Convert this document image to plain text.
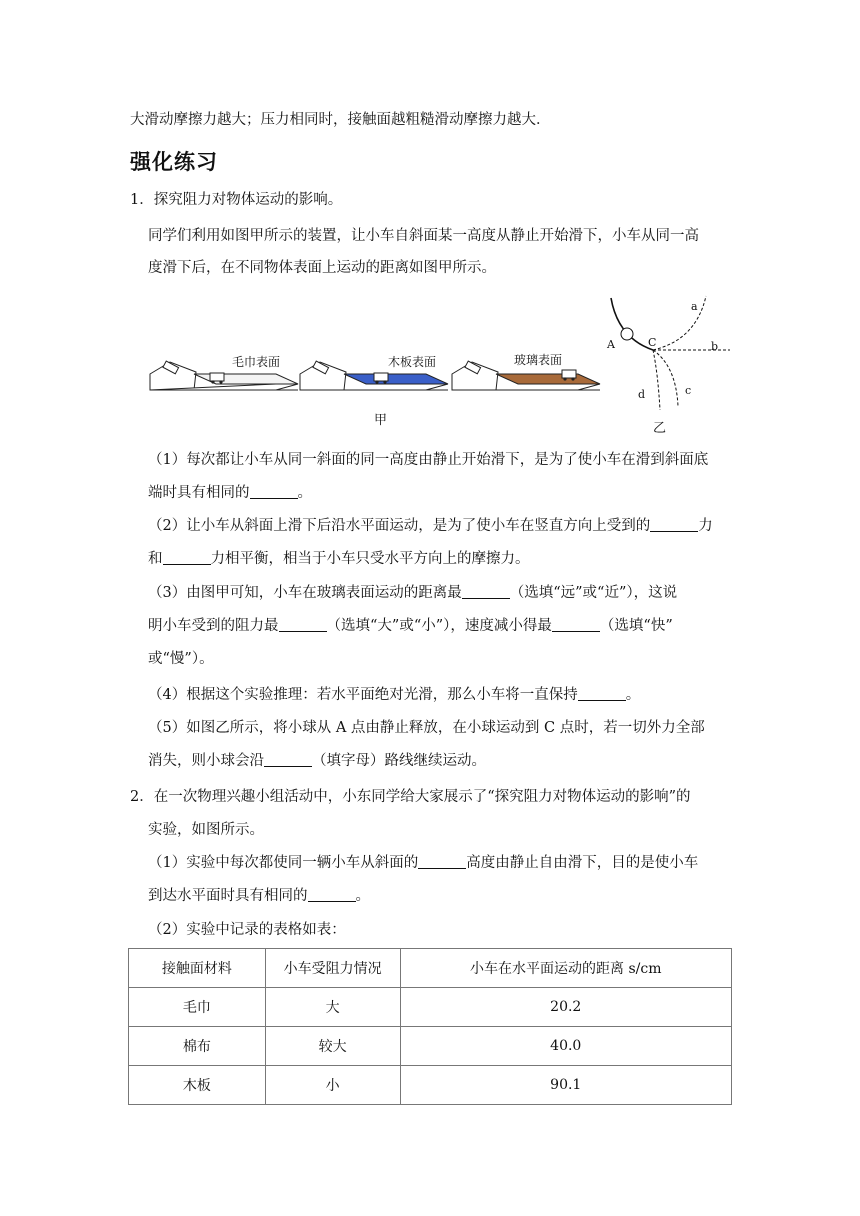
大滑动摩擦力越大；压力相同时，接触面越粗糙滑动摩擦力越大．
强化练习
1．探究阻力对物体运动的影响。
同学们利用如图甲所示的装置，让小车自斜面某一高度从静止开始滑下，小车从同一高
度滑下后，在不同物体表面上运动的距离如图甲所示。
毛巾表面	木板表面	玻璃表面
甲
A	C
a
b
c
d
乙
（1）每次都让小车从同一斜面的同一高度由静止开始滑下，是为了使小车在滑到斜面底
端时具有相同的	。
（2）让小车从斜面上滑下后沿水平面运动，是为了使小车在竖直方向上受到的	力
和	力相平衡，相当于小车只受水平方向上的摩擦力。
（3）由图甲可知，小车在玻璃表面运动的距离最	（选填“远”或“近”），这说
明小车受到的阻力最	（选填“大”或“小”），速度减小得最	（选填“快”
或“慢”）。
（4）根据这个实验推理：若水平面绝对光滑，那么小车将一直保持	。
（5）如图乙所示，将小球从 A 点由静止释放，在小球运动到 C 点时，若一切外力全部
消失，则小球会沿	（填字母）路线继续运动。
2．在一次物理兴趣小组活动中，小东同学给大家展示了“探究阻力对物体运动的影响”的
实验，如图所示。
（1）实验中每次都使同一辆小车从斜面的	高度由静止自由滑下，目的是使小车
到达水平面时具有相同的	。
（2）实验中记录的表格如表：
接触面材料	小车受阻力情况	小车在水平面运动的距离 s/cm
毛巾	大	20.2
棉布	较大	40.0
木板	小	90.1
